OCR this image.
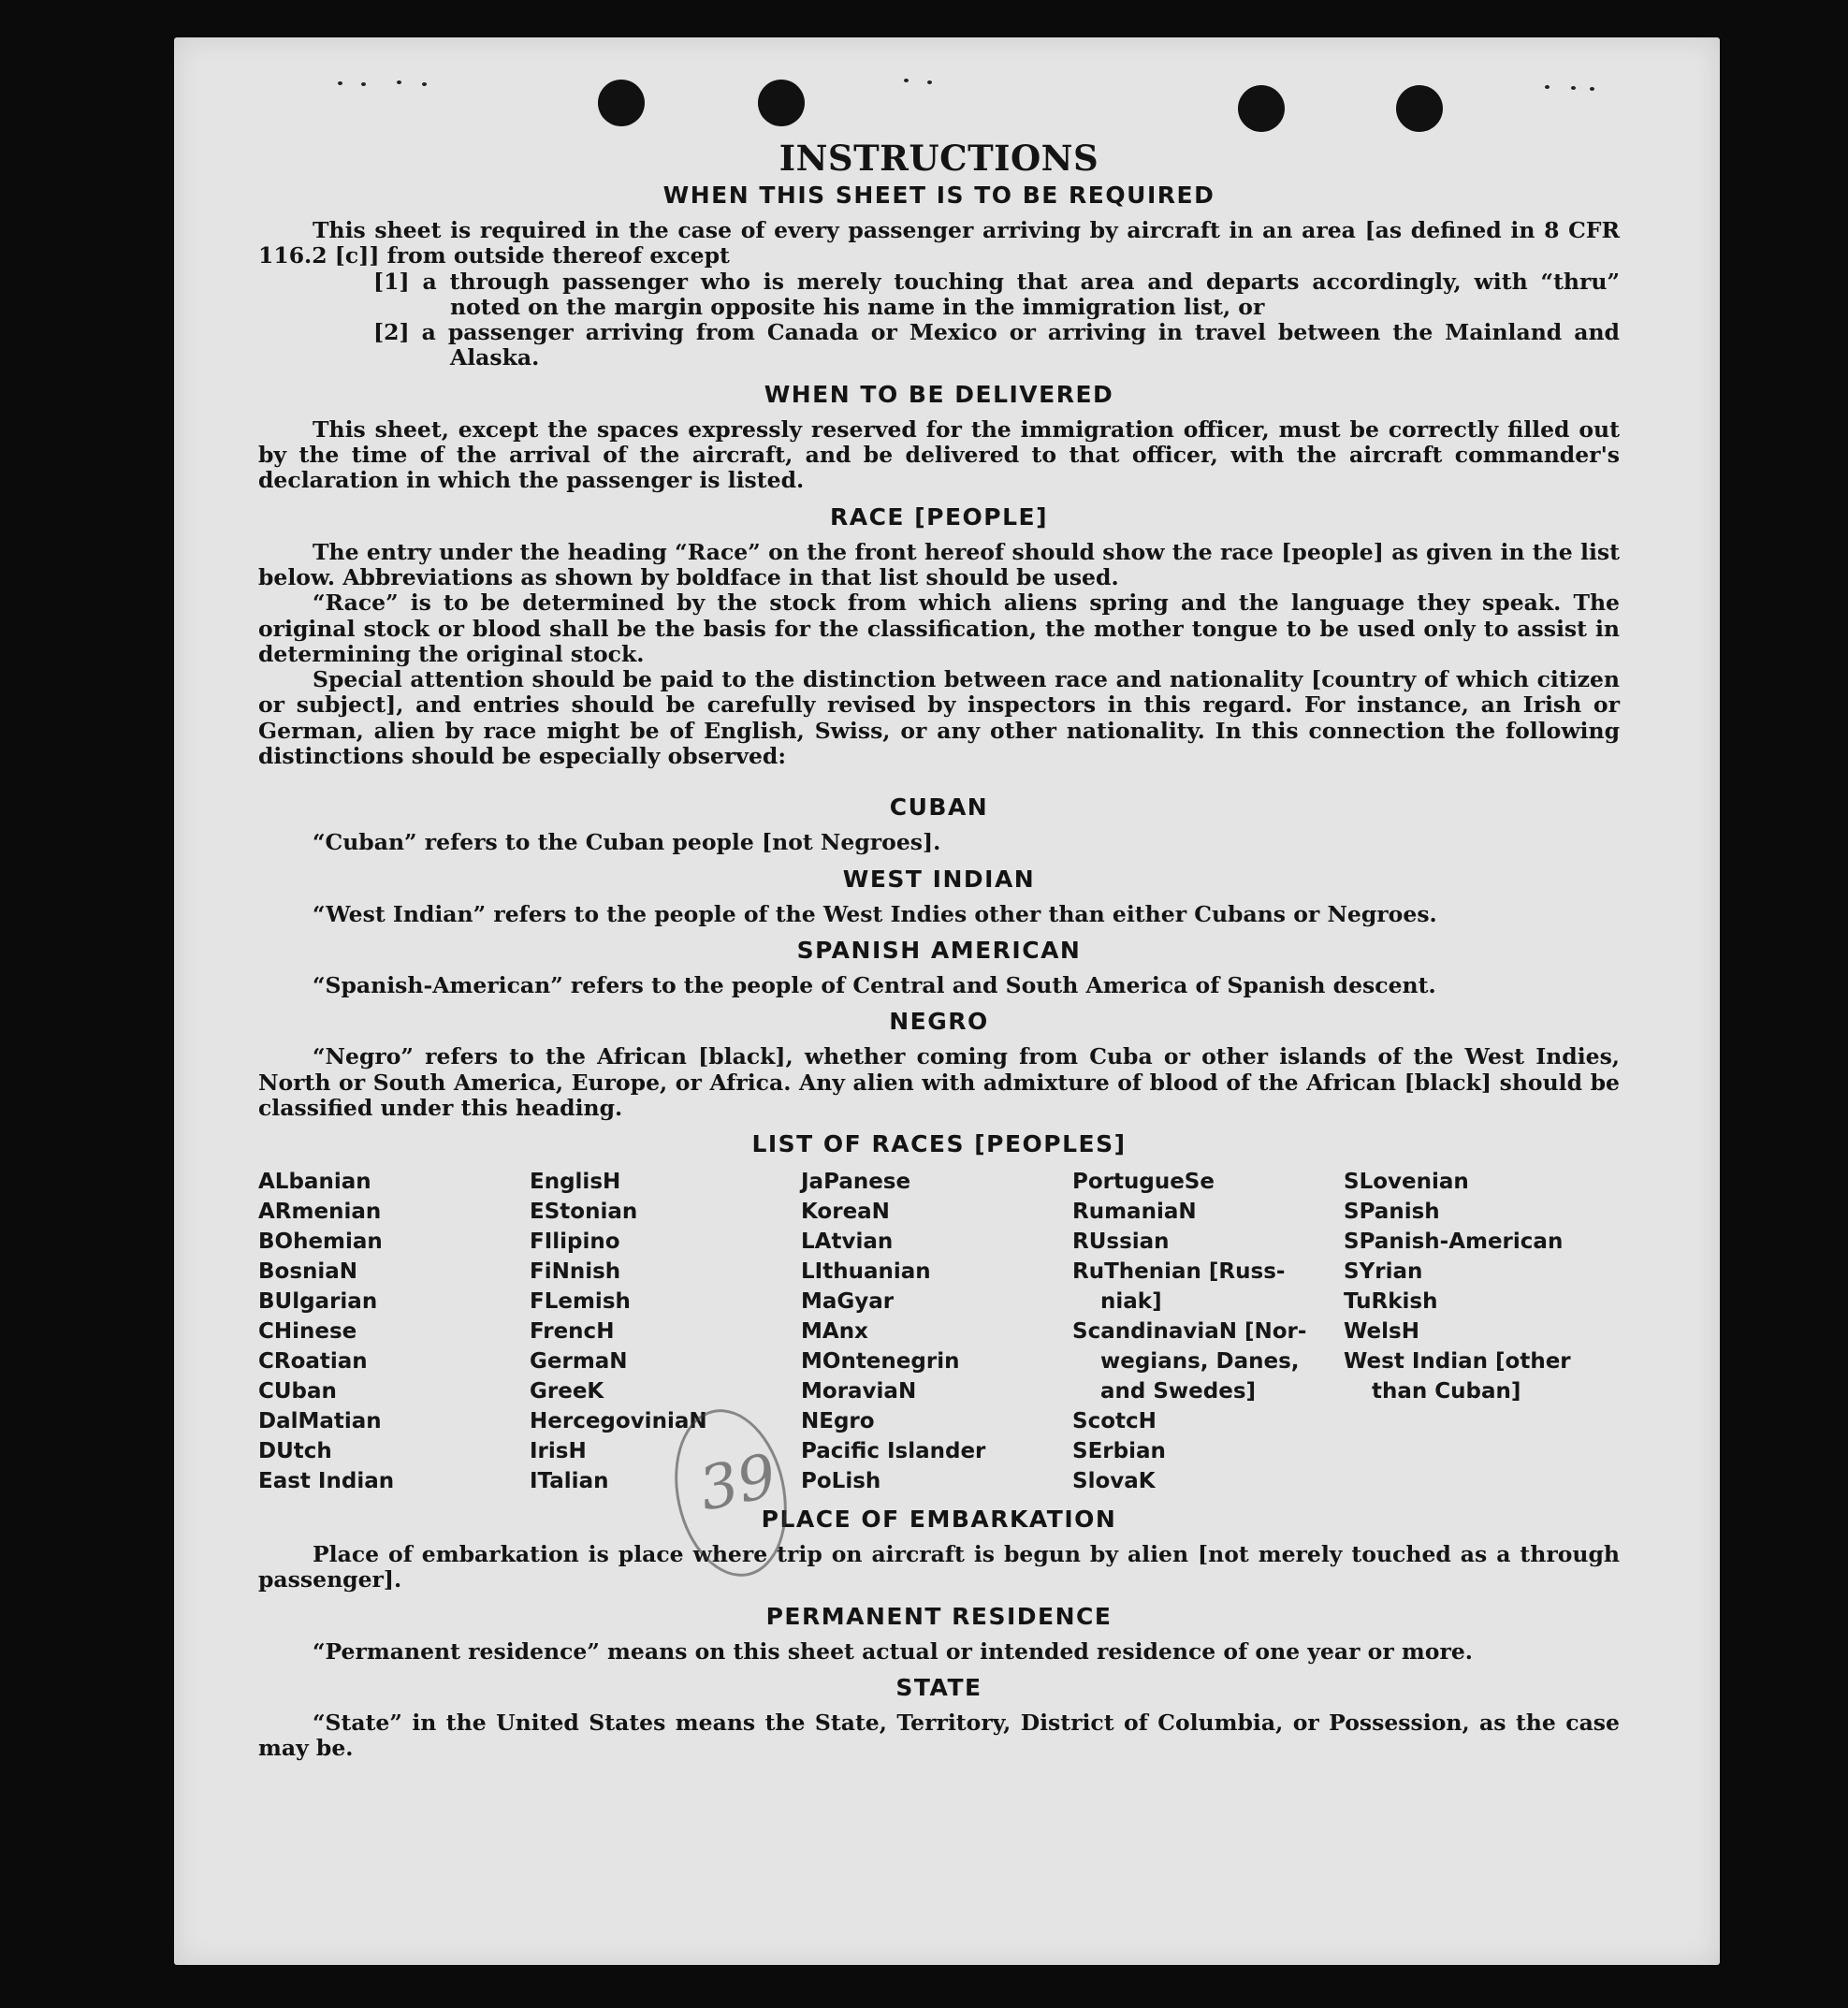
INSTRUCTIONS
WHEN THIS SHEET IS TO BE REQUIRED

This sheet is required in the case of every passenger arriving by aircraft in an area [as defined in 8 CFR 116.2 [c]] from outside thereof except

[1] a through passenger who is merely touching that area and departs accordingly, with “thru” noted on the margin opposite his name in the immigration list, or

[2] a passenger arriving from Canada or Mexico or arriving in travel between the Mainland and Alaska.

WHEN TO BE DELIVERED

This sheet, except the spaces expressly reserved for the immigration officer, must be correctly filled out by the time of the arrival of the aircraft, and be delivered to that officer, with the aircraft commander's declaration in which the passenger is listed.

RACE [PEOPLE]

The entry under the heading “Race” on the front hereof should show the race [people] as given in the list below. Abbreviations as shown by boldface in that list should be used.

“Race” is to be determined by the stock from which aliens spring and the language they speak. The original stock or blood shall be the basis for the classification, the mother tongue to be used only to assist in determining the original stock.

Special attention should be paid to the distinction between race and nationality [country of which citizen or subject], and entries should be carefully revised by inspectors in this regard. For instance, an Irish or German, alien by race might be of English, Swiss, or any other nationality. In this connection the following distinctions should be especially observed:

CUBAN

“Cuban” refers to the Cuban people [not Negroes].

WEST INDIAN

“West Indian” refers to the people of the West Indies other than either Cubans or Negroes.

SPANISH AMERICAN

“Spanish-American” refers to the people of Central and South America of Spanish descent.

NEGRO

“Negro” refers to the African [black], whether coming from Cuba or other islands of the West Indies, North or South America, Europe, or Africa. Any alien with admixture of blood of the African [black] should be classified under this heading.

LIST OF RACES [PEOPLES]
ALbanian
ARmenian
BOhemian
BosniaN
BUlgarian
CHinese
CRoatian
CUban
DalMatian
DUtch
East Indian
EnglisH
EStonian
FIlipino
FiNnish
FLemish
FrencH
GermaN
GreeK
HercegoviniaN
IrisH
ITalian
JaPanese
KoreaN
LAtvian
LIthuanian
MaGyar
MAnx
MOntenegrin
MoraviaN
NEgro
Pacific Islander
PoLish
PortugueSe
RumaniaN
RUssian
RuThenian [Russ-
niak]
ScandinaviaN [Nor-
wegians, Danes,
and Swedes]
ScotcH
SErbian
SlovaK
SLovenian
SPanish
SPanish-American
SYrian
TuRkish
WelsH
West Indian [other
than Cuban]
PLACE OF EMBARKATION

Place of embarkation is place where trip on aircraft is begun by alien [not merely touched as a through passenger].

PERMANENT RESIDENCE

“Permanent residence” means on this sheet actual or intended residence of one year or more.

STATE

“State” in the United States means the State, Territory, District of Columbia, or Possession, as the case may be.

39
